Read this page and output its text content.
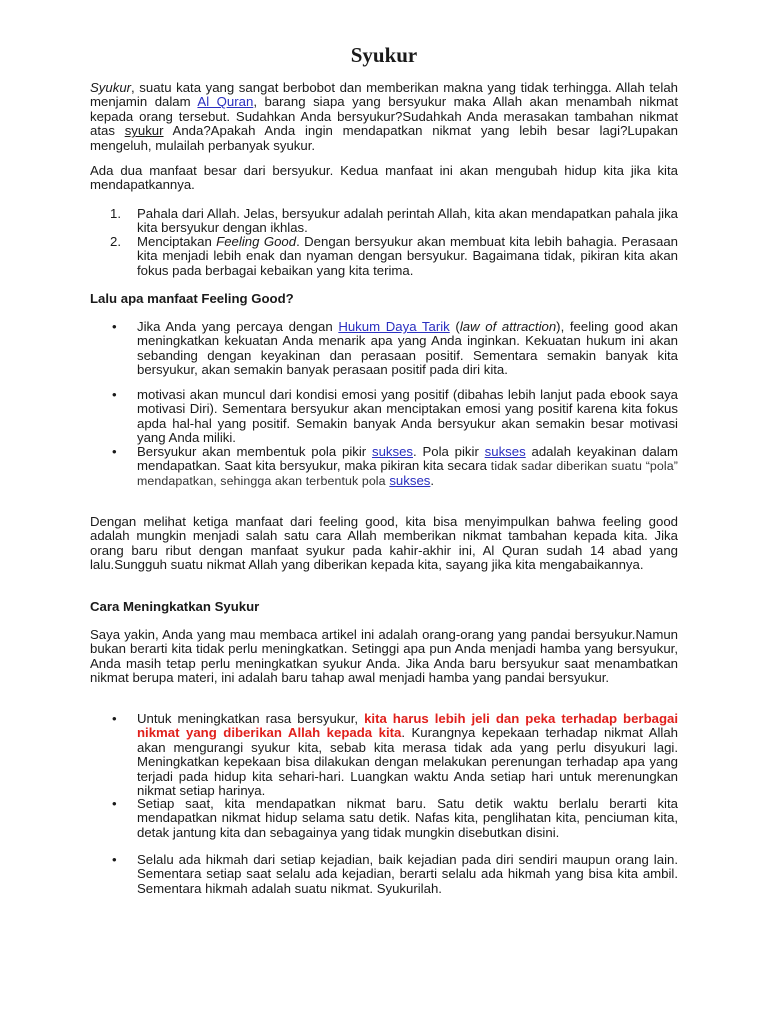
Syukur
Syukur, suatu kata yang sangat berbobot dan memberikan makna yang tidak terhingga. Allah telah menjamin dalam Al Quran, barang siapa yang bersyukur maka Allah akan menambah nikmat kepada orang tersebut. Sudahkan Anda bersyukur?Sudahkah Anda merasakan tambahan nikmat atas syukur Anda?Apakah Anda ingin mendapatkan nikmat yang lebih besar lagi?Lupakan mengeluh, mulailah perbanyak syukur.
Ada dua manfaat besar dari bersyukur. Kedua manfaat ini akan mengubah hidup kita jika kita mendapatkannya.
1. Pahala dari Allah. Jelas, bersyukur adalah perintah Allah, kita akan mendapatkan pahala jika kita bersyukur dengan ikhlas.
2. Menciptakan Feeling Good. Dengan bersyukur akan membuat kita lebih bahagia. Perasaan kita menjadi lebih enak dan nyaman dengan bersyukur. Bagaimana tidak, pikiran kita akan fokus pada berbagai kebaikan yang kita terima.
Lalu apa manfaat Feeling Good?
• Jika Anda yang percaya dengan Hukum Daya Tarik (law of attraction), feeling good akan meningkatkan kekuatan Anda menarik apa yang Anda inginkan. Kekuatan hukum ini akan sebanding dengan keyakinan dan perasaan positif. Sementara semakin banyak kita bersyukur, akan semakin banyak perasaan positif pada diri kita.
• motivasi akan muncul dari kondisi emosi yang positif (dibahas lebih lanjut pada ebook saya motivasi Diri). Sementara bersyukur akan menciptakan emosi yang positif karena kita fokus apda hal-hal yang positif. Semakin banyak Anda bersyukur akan semakin besar motivasi yang Anda miliki.
• Bersyukur akan membentuk pola pikir sukses. Pola pikir sukses adalah keyakinan dalam mendapatkan. Saat kita bersyukur, maka pikiran kita secara tidak sadar diberikan suatu “pola” mendapatkan, sehingga akan terbentuk pola sukses.
Dengan melihat ketiga manfaat dari feeling good, kita bisa menyimpulkan bahwa feeling good adalah mungkin menjadi salah satu cara Allah memberikan nikmat tambahan kepada kita. Jika orang baru ribut dengan manfaat syukur pada kahir-akhir ini, Al Quran sudah 14 abad yang lalu.Sungguh suatu nikmat Allah yang diberikan kepada kita, sayang jika kita mengabaikannya.
Cara Meningkatkan Syukur
Saya yakin, Anda yang mau membaca artikel ini adalah orang-orang yang pandai bersyukur.Namun bukan berarti kita tidak perlu meningkatkan. Setinggi apa pun Anda menjadi hamba yang bersyukur, Anda masih tetap perlu meningkatkan syukur Anda. Jika Anda baru bersyukur saat menambatkan nikmat berupa materi, ini adalah baru tahap awal menjadi hamba yang pandai bersyukur.
• Untuk meningkatkan rasa bersyukur, kita harus lebih jeli dan peka terhadap berbagai nikmat yang diberikan Allah kepada kita. Kurangnya kepekaan terhadap nikmat Allah akan mengurangi syukur kita, sebab kita merasa tidak ada yang perlu disyukuri lagi. Meningkatkan kepekaan bisa dilakukan dengan melakukan perenungan terhadap apa yang terjadi pada hidup kita sehari-hari. Luangkan waktu Anda setiap hari untuk merenungkan nikmat setiap harinya.
• Setiap saat, kita mendapatkan nikmat baru. Satu detik waktu berlalu berarti kita mendapatkan nikmat hidup selama satu detik. Nafas kita, penglihatan kita, penciuman kita, detak jantung kita dan sebagainya yang tidak mungkin disebutkan disini.
• Selalu ada hikmah dari setiap kejadian, baik kejadian pada diri sendiri maupun orang lain. Sementara setiap saat selalu ada kejadian, berarti selalu ada hikmah yang bisa kita ambil. Sementara hikmah adalah suatu nikmat. Syukurilah.
